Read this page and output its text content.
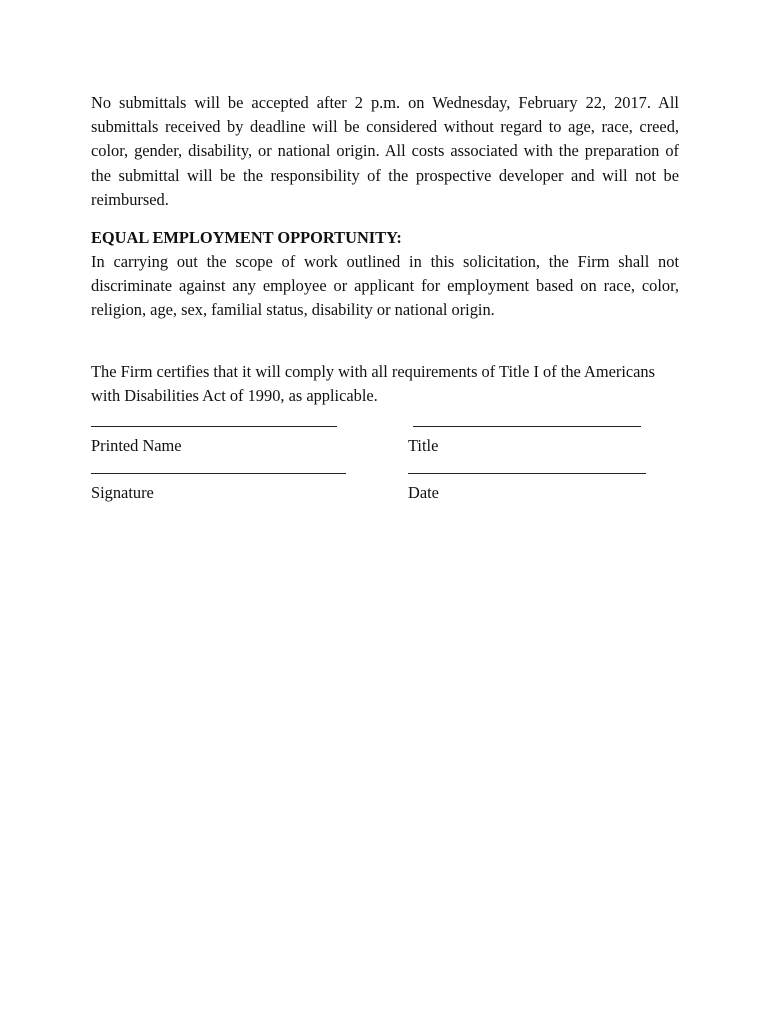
No submittals will be accepted after 2 p.m. on Wednesday, February 22, 2017. All submittals received by deadline will be considered without regard to age, race, creed, color, gender, disability, or national origin. All costs associated with the preparation of the submittal will be the responsibility of the prospective developer and will not be reimbursed.

EQUAL EMPLOYMENT OPPORTUNITY:

In carrying out the scope of work outlined in this solicitation, the Firm shall not discriminate against any employee or applicant for employment based on race, color, religion, age, sex, familial status, disability or national origin.

The Firm certifies that it will comply with all requirements of Title I of the Americans with Disabilities Act of 1990, as applicable.

Printed Name	Title
Signature	Date
